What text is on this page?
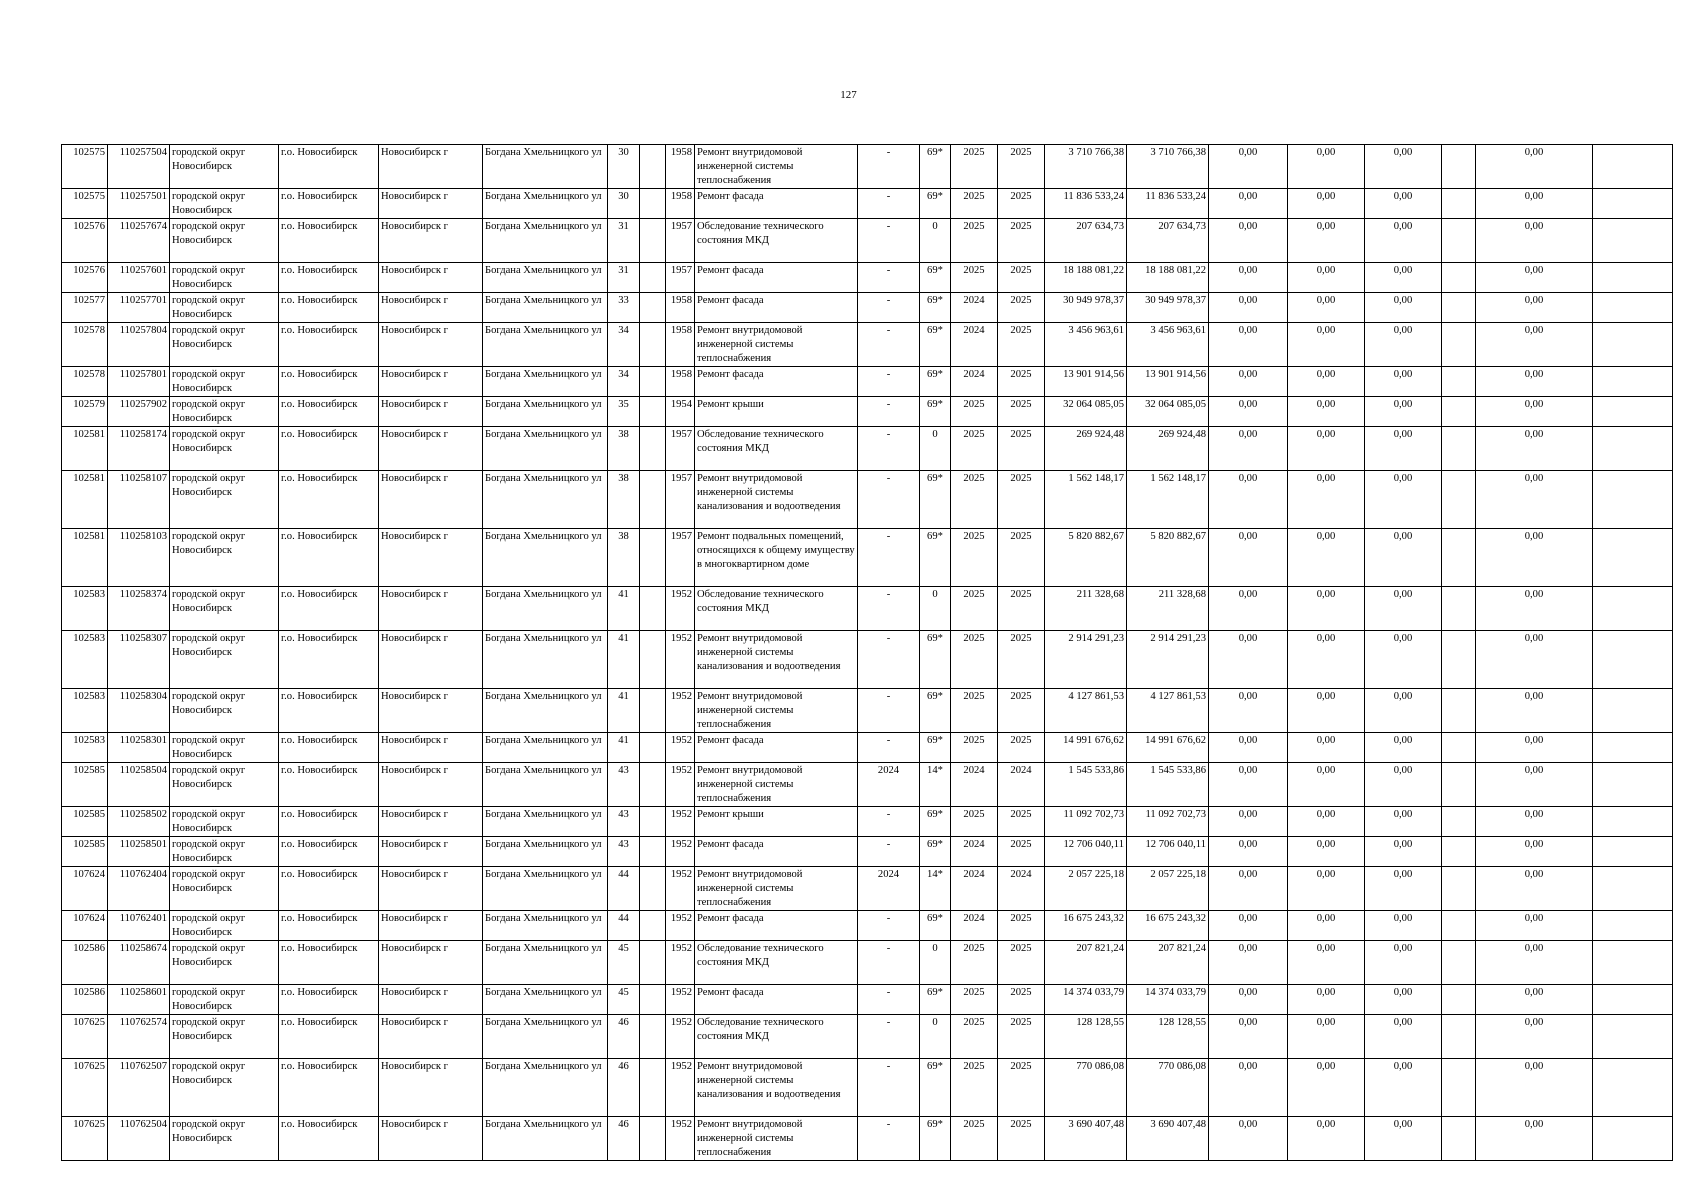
127
102575	110257504	городской округ Новосибирск	г.о. Новосибирск	Новосибирск г	Богдана Хмельницкого ул	30		1958	Ремонт внутридомовой инженерной системы теплоснабжения	-	69*	2025	2025	3 710 766,38	3 710 766,38	0,00	0,00	0,00		0,00	
102575	110257501	городской округ Новосибирск	г.о. Новосибирск	Новосибирск г	Богдана Хмельницкого ул	30		1958	Ремонт фасада	-	69*	2025	2025	11 836 533,24	11 836 533,24	0,00	0,00	0,00		0,00	
102576	110257674	городской округ Новосибирск	г.о. Новосибирск	Новосибирск г	Богдана Хмельницкого ул	31		1957	Обследование технического состояния МКД	-	0	2025	2025	207 634,73	207 634,73	0,00	0,00	0,00		0,00	
102576	110257601	городской округ Новосибирск	г.о. Новосибирск	Новосибирск г	Богдана Хмельницкого ул	31		1957	Ремонт фасада	-	69*	2025	2025	18 188 081,22	18 188 081,22	0,00	0,00	0,00		0,00	
102577	110257701	городской округ Новосибирск	г.о. Новосибирск	Новосибирск г	Богдана Хмельницкого ул	33		1958	Ремонт фасада	-	69*	2024	2025	30 949 978,37	30 949 978,37	0,00	0,00	0,00		0,00	
102578	110257804	городской округ Новосибирск	г.о. Новосибирск	Новосибирск г	Богдана Хмельницкого ул	34		1958	Ремонт внутридомовой инженерной системы теплоснабжения	-	69*	2024	2025	3 456 963,61	3 456 963,61	0,00	0,00	0,00		0,00	
102578	110257801	городской округ Новосибирск	г.о. Новосибирск	Новосибирск г	Богдана Хмельницкого ул	34		1958	Ремонт фасада	-	69*	2024	2025	13 901 914,56	13 901 914,56	0,00	0,00	0,00		0,00	
102579	110257902	городской округ Новосибирск	г.о. Новосибирск	Новосибирск г	Богдана Хмельницкого ул	35		1954	Ремонт крыши	-	69*	2025	2025	32 064 085,05	32 064 085,05	0,00	0,00	0,00		0,00	
102581	110258174	городской округ Новосибирск	г.о. Новосибирск	Новосибирск г	Богдана Хмельницкого ул	38		1957	Обследование технического состояния МКД	-	0	2025	2025	269 924,48	269 924,48	0,00	0,00	0,00		0,00	
102581	110258107	городской округ Новосибирск	г.о. Новосибирск	Новосибирск г	Богдана Хмельницкого ул	38		1957	Ремонт внутридомовой инженерной системы канализования и водоотведения	-	69*	2025	2025	1 562 148,17	1 562 148,17	0,00	0,00	0,00		0,00	
102581	110258103	городской округ Новосибирск	г.о. Новосибирск	Новосибирск г	Богдана Хмельницкого ул	38		1957	Ремонт подвальных помещений, относящихся к общему имуществу в многоквартирном доме	-	69*	2025	2025	5 820 882,67	5 820 882,67	0,00	0,00	0,00		0,00	
102583	110258374	городской округ Новосибирск	г.о. Новосибирск	Новосибирск г	Богдана Хмельницкого ул	41		1952	Обследование технического состояния МКД	-	0	2025	2025	211 328,68	211 328,68	0,00	0,00	0,00		0,00	
102583	110258307	городской округ Новосибирск	г.о. Новосибирск	Новосибирск г	Богдана Хмельницкого ул	41		1952	Ремонт внутридомовой инженерной системы канализования и водоотведения	-	69*	2025	2025	2 914 291,23	2 914 291,23	0,00	0,00	0,00		0,00	
102583	110258304	городской округ Новосибирск	г.о. Новосибирск	Новосибирск г	Богдана Хмельницкого ул	41		1952	Ремонт внутридомовой инженерной системы теплоснабжения	-	69*	2025	2025	4 127 861,53	4 127 861,53	0,00	0,00	0,00		0,00	
102583	110258301	городской округ Новосибирск	г.о. Новосибирск	Новосибирск г	Богдана Хмельницкого ул	41		1952	Ремонт фасада	-	69*	2025	2025	14 991 676,62	14 991 676,62	0,00	0,00	0,00		0,00	
102585	110258504	городской округ Новосибирск	г.о. Новосибирск	Новосибирск г	Богдана Хмельницкого ул	43		1952	Ремонт внутридомовой инженерной системы теплоснабжения	2024	14*	2024	2024	1 545 533,86	1 545 533,86	0,00	0,00	0,00		0,00	
102585	110258502	городской округ Новосибирск	г.о. Новосибирск	Новосибирск г	Богдана Хмельницкого ул	43		1952	Ремонт крыши	-	69*	2025	2025	11 092 702,73	11 092 702,73	0,00	0,00	0,00		0,00	
102585	110258501	городской округ Новосибирск	г.о. Новосибирск	Новосибирск г	Богдана Хмельницкого ул	43		1952	Ремонт фасада	-	69*	2024	2025	12 706 040,11	12 706 040,11	0,00	0,00	0,00		0,00	
107624	110762404	городской округ Новосибирск	г.о. Новосибирск	Новосибирск г	Богдана Хмельницкого ул	44		1952	Ремонт внутридомовой инженерной системы теплоснабжения	2024	14*	2024	2024	2 057 225,18	2 057 225,18	0,00	0,00	0,00		0,00	
107624	110762401	городской округ Новосибирск	г.о. Новосибирск	Новосибирск г	Богдана Хмельницкого ул	44		1952	Ремонт фасада	-	69*	2024	2025	16 675 243,32	16 675 243,32	0,00	0,00	0,00		0,00	
102586	110258674	городской округ Новосибирск	г.о. Новосибирск	Новосибирск г	Богдана Хмельницкого ул	45		1952	Обследование технического состояния МКД	-	0	2025	2025	207 821,24	207 821,24	0,00	0,00	0,00		0,00	
102586	110258601	городской округ Новосибирск	г.о. Новосибирск	Новосибирск г	Богдана Хмельницкого ул	45		1952	Ремонт фасада	-	69*	2025	2025	14 374 033,79	14 374 033,79	0,00	0,00	0,00		0,00	
107625	110762574	городской округ Новосибирск	г.о. Новосибирск	Новосибирск г	Богдана Хмельницкого ул	46		1952	Обследование технического состояния МКД	-	0	2025	2025	128 128,55	128 128,55	0,00	0,00	0,00		0,00	
107625	110762507	городской округ Новосибирск	г.о. Новосибирск	Новосибирск г	Богдана Хмельницкого ул	46		1952	Ремонт внутридомовой инженерной системы канализования и водоотведения	-	69*	2025	2025	770 086,08	770 086,08	0,00	0,00	0,00		0,00	
107625	110762504	городской округ Новосибирск	г.о. Новосибирск	Новосибирск г	Богдана Хмельницкого ул	46		1952	Ремонт внутридомовой инженерной системы теплоснабжения	-	69*	2025	2025	3 690 407,48	3 690 407,48	0,00	0,00	0,00		0,00	
